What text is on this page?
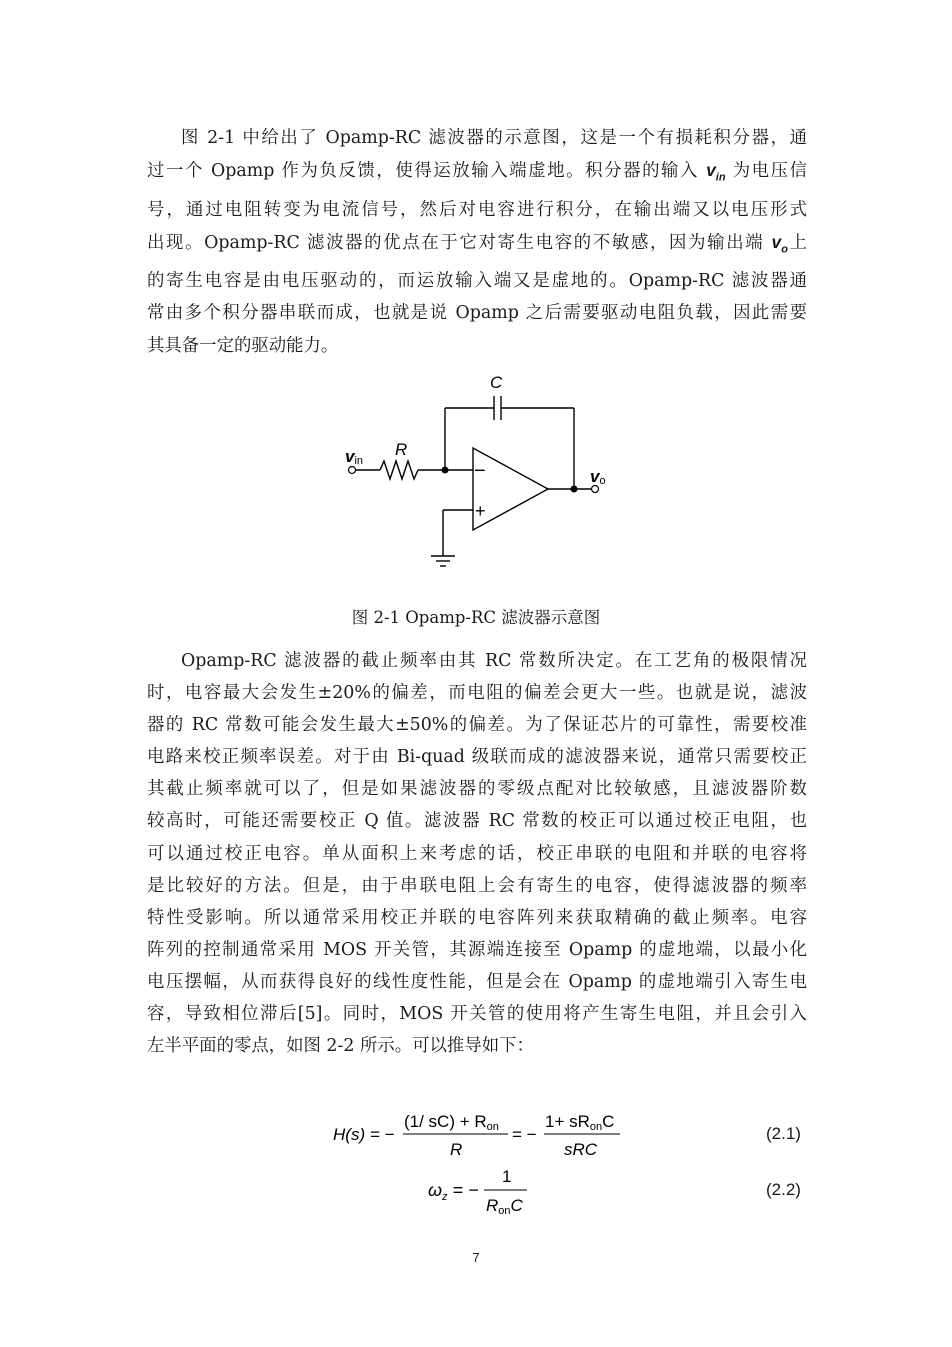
图 2-1 中给出了 Opamp-RC 滤波器的示意图，这是一个有损耗积分器，通
过一个 Opamp 作为负反馈，使得运放输入端虚地。积分器的输入 $v_{in}$ 为电压信
号，通过电阻转变为电流信号，然后对电容进行积分，在输出端又以电压形式
出现。Opamp-RC 滤波器的优点在于它对寄生电容的不敏感，因为输出端 $v_o$上
的寄生电容是由电压驱动的，而运放输入端又是虚地的。Opamp-RC 滤波器通
常由多个积分器串联而成，也就是说 Opamp 之后需要驱动电阻负载，因此需要
其具备一定的驱动能力。
C
R
vin
vo
−
+
图 2-1 Opamp-RC 滤波器示意图
Opamp-RC 滤波器的截止频率由其 RC 常数所决定。在工艺角的极限情况
时，电容最大会发生±20%的偏差，而电阻的偏差会更大一些。也就是说，滤波
器的 RC 常数可能会发生最大±50%的偏差。为了保证芯片的可靠性，需要校准
电路来校正频率误差。对于由 Bi-quad 级联而成的滤波器来说，通常只需要校正
其截止频率就可以了，但是如果滤波器的零级点配对比较敏感，且滤波器阶数
较高时，可能还需要校正 Q 值。滤波器 RC 常数的校正可以通过校正电阻，也
可以通过校正电容。单从面积上来考虑的话，校正串联的电阻和并联的电容将
是比较好的方法。但是，由于串联电阻上会有寄生的电容，使得滤波器的频率
特性受影响。所以通常采用校正并联的电容阵列来获取精确的截止频率。电容
阵列的控制通常采用 MOS 开关管，其源端连接至 Opamp 的虚地端，以最小化
电压摆幅，从而获得良好的线性度性能，但是会在 Opamp 的虚地端引入寄生电
容，导致相位滞后[5]。同时，MOS 开关管的使用将产生寄生电阻，并且会引入
左半平面的零点，如图 2-2 所示。可以推导如下：
H(s) = −
(1/ sC) + Ron
R
= −
1+ sRonC
sRC
(2.1)
$\omega_z$ = −
1
RonC
(2.2)
7
